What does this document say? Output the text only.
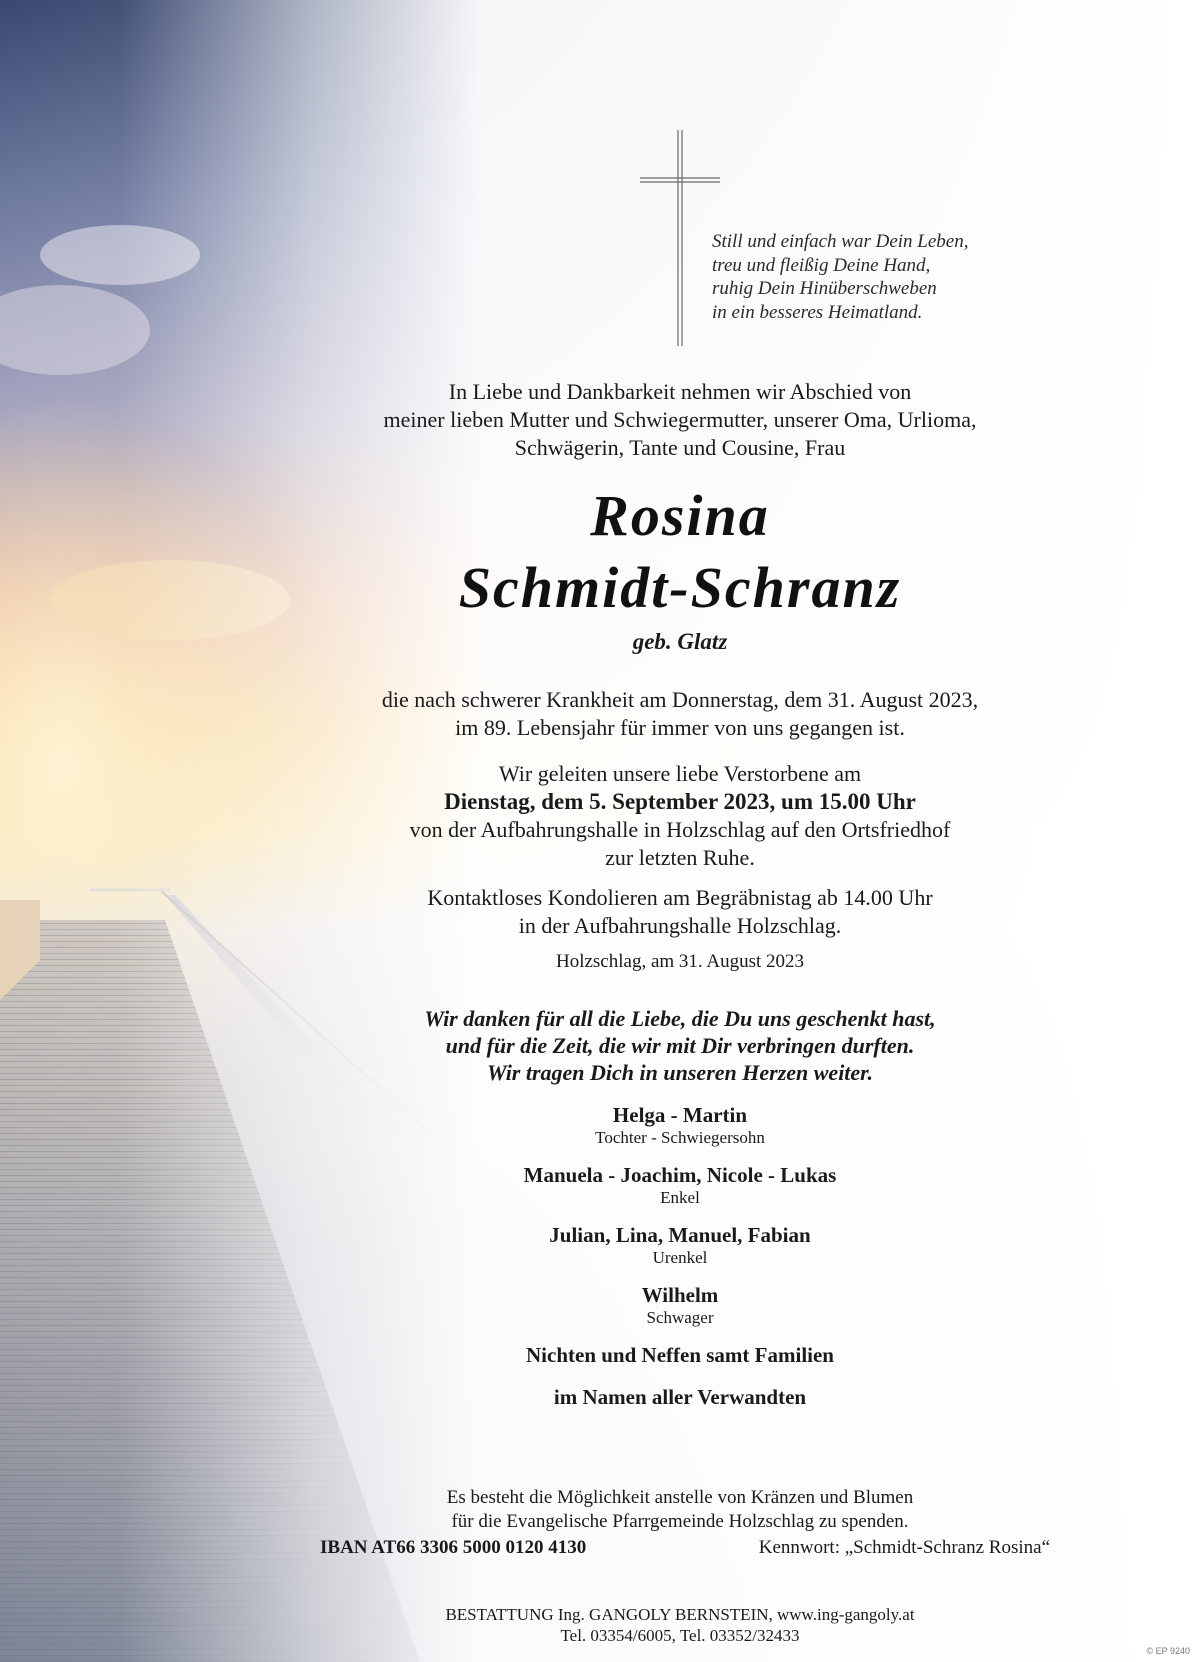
Still und einfach war Dein Leben,
treu und fleißig Deine Hand,
ruhig Dein Hinüberschweben
in ein besseres Heimatland.
In Liebe und Dankbarkeit nehmen wir Abschied von
meiner lieben Mutter und Schwiegermutter, unserer Oma, Urlioma,
Schwägerin, Tante und Cousine, Frau
Rosina
Schmidt-Schranz
geb. Glatz
die nach schwerer Krankheit am Donnerstag, dem 31. August 2023,
im 89. Lebensjahr für immer von uns gegangen ist.
Wir geleiten unsere liebe Verstorbene am
Dienstag, dem 5. September 2023, um 15.00 Uhr
von der Aufbahrungshalle in Holzschlag auf den Ortsfriedhof
zur letzten Ruhe.
Kontaktloses Kondolieren am Begräbnistag ab 14.00 Uhr
in der Aufbahrungshalle Holzschlag.
Holzschlag, am 31. August 2023
Wir danken für all die Liebe, die Du uns geschenkt hast,
und für die Zeit, die wir mit Dir verbringen durften.
Wir tragen Dich in unseren Herzen weiter.
Helga - Martin
Tochter - Schwiegersohn
Manuela - Joachim, Nicole - Lukas
Enkel
Julian, Lina, Manuel, Fabian
Urenkel
Wilhelm
Schwager
Nichten und Neffen samt Familien
im Namen aller Verwandten
Es besteht die Möglichkeit anstelle von Kränzen und Blumen
für die Evangelische Pfarrgemeinde Holzschlag zu spenden.
IBAN AT66 3306 5000 0120 4130	Kennwort: „Schmidt-Schranz Rosina“
BESTATTUNG Ing. GANGOLY BERNSTEIN, www.ing-gangoly.at
Tel. 03354/6005, Tel. 03352/32433
© EP 9240
